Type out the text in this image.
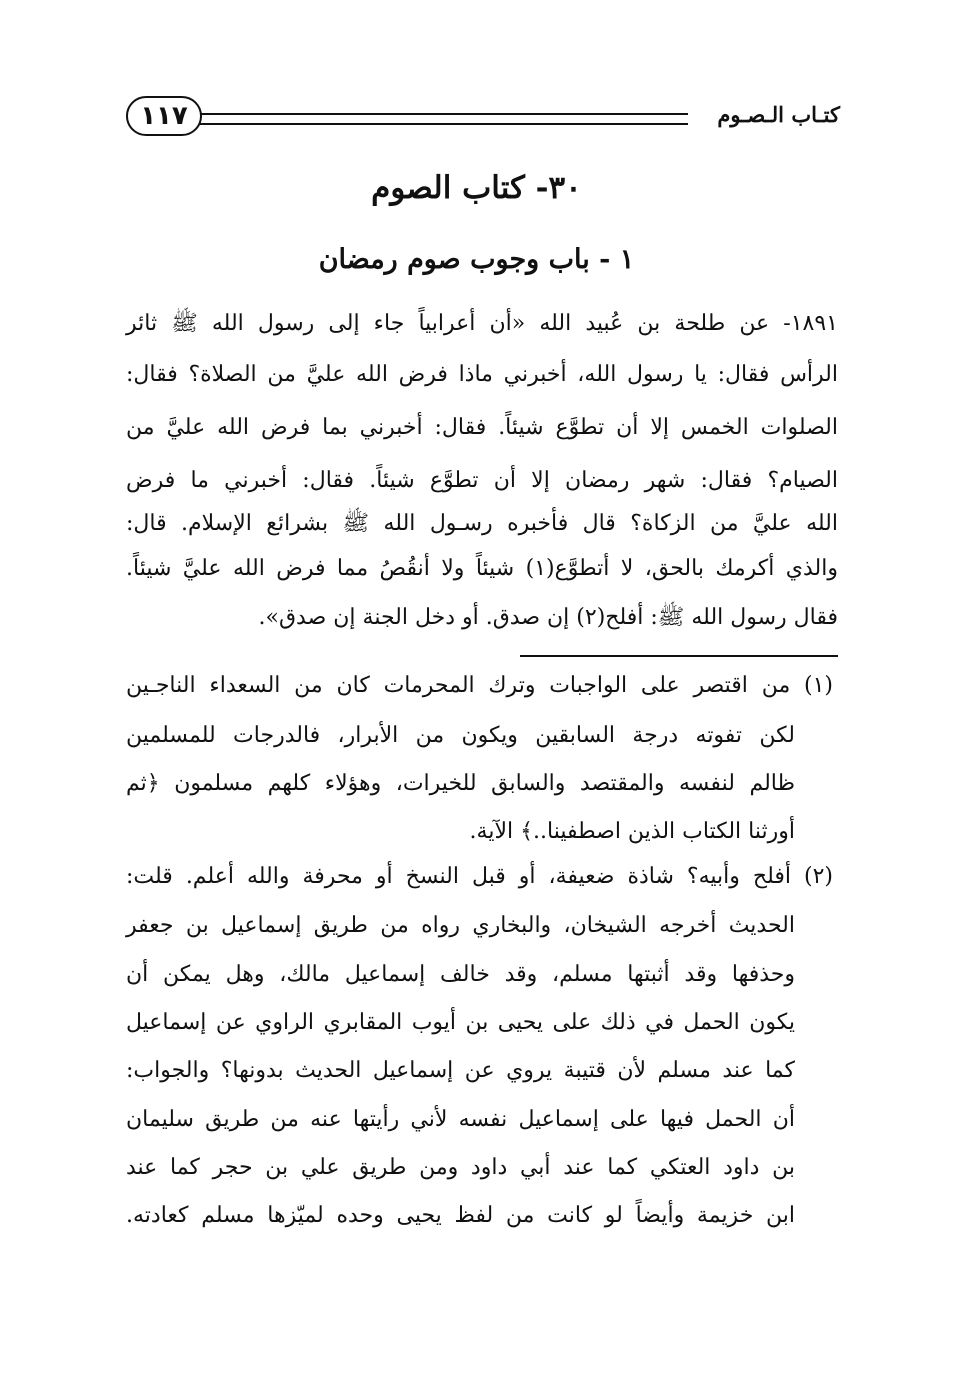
كتـاب الـصـوم
١١٧
٣٠- كتاب الصوم
١ - باب وجوب صوم رمضان
١٨٩١- عن طلحة بن عُبيد الله «أن أعرابياً جاء إلى رسول الله ﷺ ثائر
الرأس فقال: يا رسول الله، أخبرني ماذا فرض الله عليَّ من الصلاة؟ فقال:
الصلوات الخمس إلا أن تطوَّع شيئاً. فقال: أخبرني بما فرض الله عليَّ من
الصيام؟ فقال: شهر رمضان إلا أن تطوَّع شيئاً. فقال: أخبرني ما فرض
الله عليَّ من الزكاة؟ قال فأخبره رسـول الله ﷺ بشرائع الإسلام. قال:
والذي أكرمك بالحق، لا أتطوَّع(١) شيئاً ولا أنقُصُ مما فرض الله عليَّ شيئاً.
فقال رسول الله ﷺ: أفلح(٢) إن صدق. أو دخل الجنة إن صدق».
(١) من اقتصر على الواجبات وترك المحرمات كان من السعداء الناجـين
لكن تفوته درجة السابقين ويكون من الأبرار، فالدرجات للمسلمين
ظالم لنفسه والمقتصد والسابق للخيرات، وهؤلاء كلهم مسلمون ﴿ثم
أورثنا الكتاب الذين اصطفينا..﴾ الآية.
(٢) أفلح وأبيه؟ شاذة ضعيفة، أو قبل النسخ أو محرفة والله أعلم. قلت:
الحديث أخرجه الشيخان، والبخاري رواه من طريق إسماعيل بن جعفر
وحذفها وقد أثبتها مسلم، وقد خالف إسماعيل مالك، وهل يمكن أن
يكون الحمل في ذلك على يحيى بن أيوب المقابري الراوي عن إسماعيل
كما عند مسلم لأن قتيبة يروي عن إسماعيل الحديث بدونها؟ والجواب:
أن الحمل فيها على إسماعيل نفسه لأني رأيتها عنه من طريق سليمان
بن داود العتكي كما عند أبي داود ومن طريق علي بن حجر كما عند
ابن خزيمة وأيضاً لو كانت من لفظ يحيى وحده لميّزها مسلم كعادته.
